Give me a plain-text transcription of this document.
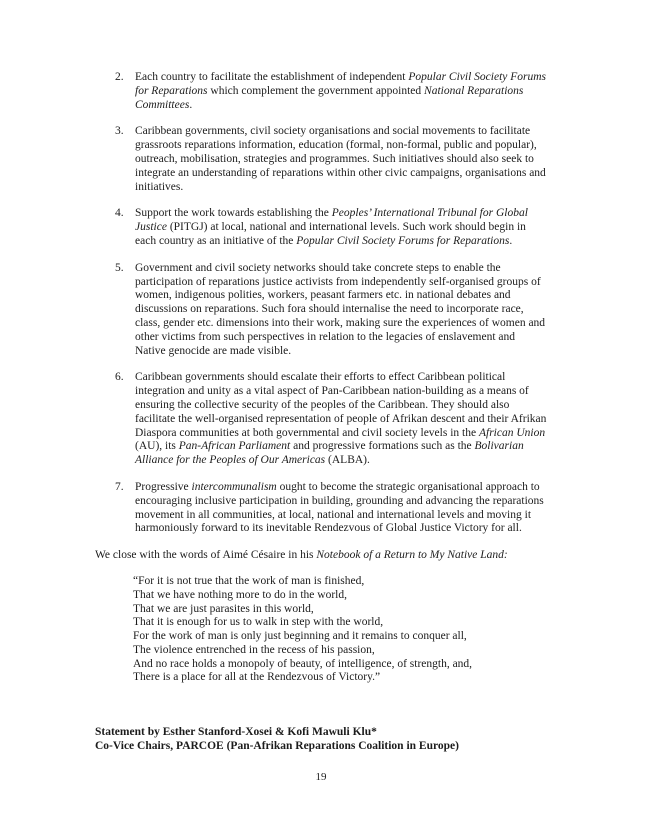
2. Each country to facilitate the establishment of independent Popular Civil Society Forums for Reparations which complement the government appointed National Reparations Committees.
3. Caribbean governments, civil society organisations and social movements to facilitate grassroots reparations information, education (formal, non-formal, public and popular), outreach, mobilisation, strategies and programmes. Such initiatives should also seek to integrate an understanding of reparations within other civic campaigns, organisations and initiatives.
4. Support the work towards establishing the Peoples’ International Tribunal for Global Justice (PITGJ) at local, national and international levels. Such work should begin in each country as an initiative of the Popular Civil Society Forums for Reparations.
5. Government and civil society networks should take concrete steps to enable the participation of reparations justice activists from independently self-organised groups of women, indigenous polities, workers, peasant farmers etc. in national debates and discussions on reparations. Such fora should internalise the need to incorporate race, class, gender etc. dimensions into their work, making sure the experiences of women and other victims from such perspectives in relation to the legacies of enslavement and Native genocide are made visible.
6. Caribbean governments should escalate their efforts to effect Caribbean political integration and unity as a vital aspect of Pan-Caribbean nation-building as a means of ensuring the collective security of the peoples of the Caribbean. They should also facilitate the well-organised representation of people of Afrikan descent and their Afrikan Diaspora communities at both governmental and civil society levels in the African Union (AU), its Pan-African Parliament and progressive formations such as the Bolivarian Alliance for the Peoples of Our Americas (ALBA).
7. Progressive intercommunalism ought to become the strategic organisational approach to encouraging inclusive participation in building, grounding and advancing the reparations movement in all communities, at local, national and international levels and moving it harmoniously forward to its inevitable Rendezvous of Global Justice Victory for all.
We close with the words of Aimé Césaire in his Notebook of a Return to My Native Land:
“For it is not true that the work of man is finished,
That we have nothing more to do in the world,
That we are just parasites in this world,
That it is enough for us to walk in step with the world,
For the work of man is only just beginning and it remains to conquer all,
The violence entrenched in the recess of his passion,
And no race holds a monopoly of beauty, of intelligence, of strength, and,
There is a place for all at the Rendezvous of Victory.”
Statement by Esther Stanford-Xosei & Kofi Mawuli Klu*
Co-Vice Chairs, PARCOE (Pan-Afrikan Reparations Coalition in Europe)
19
